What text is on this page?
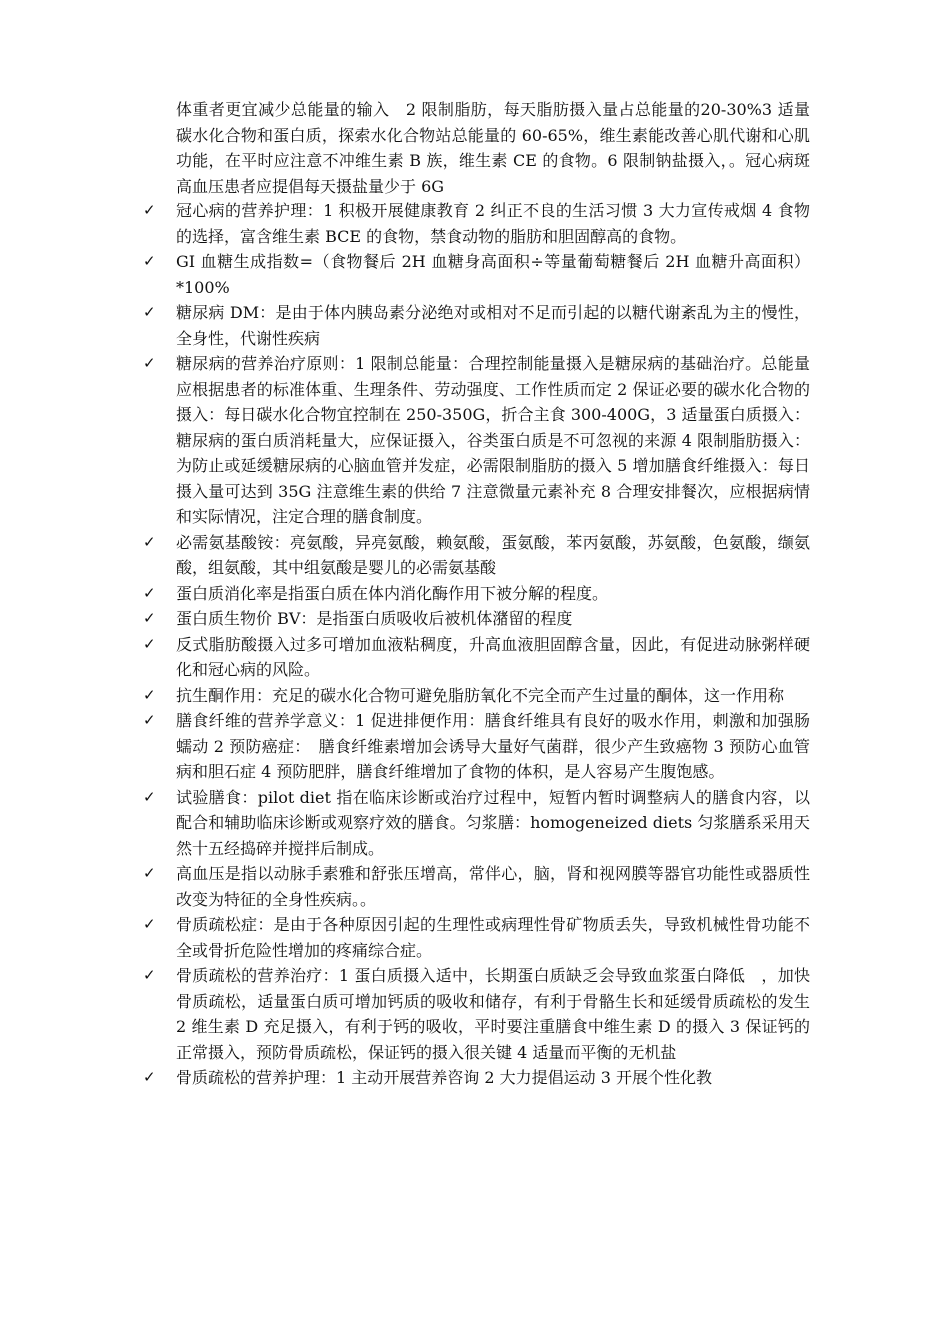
体重者更宜减少总能量的输入　2 限制脂肪，每天脂肪摄入量占总能量的20-30%3 适量碳水化合物和蛋白质，探索水化合物站总能量的 60-65%，维生素能改善心肌代谢和心肌功能，在平时应注意不冲维生素 B 族，维生素 CE 的食物。6 限制钠盐摄入，。冠心病斑高血压患者应提倡每天摄盐量少于 6G

✓	冠心病的营养护理：1 积极开展健康教育 2 纠正不良的生活习惯 3 大力宣传戒烟 4 食物的选择，富含维生素 BCE 的食物，禁食动物的脂肪和胆固醇高的食物。
✓	GI 血糖生成指数=（食物餐后 2H 血糖身高面积÷等量葡萄糖餐后 2H 血糖升高面积）*100%
✓	糖尿病 DM：是由于体内胰岛素分泌绝对或相对不足而引起的以糖代谢紊乱为主的慢性，全身性，代谢性疾病
✓	糖尿病的营养治疗原则：1 限制总能量：合理控制能量摄入是糖尿病的基础治疗。总能量应根据患者的标准体重、生理条件、劳动强度、工作性质而定 2 保证必要的碳水化合物的摄入：每日碳水化合物宜控制在 250-350G，折合主食 300-400G，3 适量蛋白质摄入：糖尿病的蛋白质消耗量大，应保证摄入，谷类蛋白质是不可忽视的来源 4 限制脂肪摄入：为防止或延缓糖尿病的心脑血管并发症，必需限制脂肪的摄入 5 增加膳食纤维摄入：每日摄入量可达到 35G 注意维生素的供给 7 注意微量元素补充 8 合理安排餐次，应根据病情和实际情况，注定合理的膳食制度。
✓	必需氨基酸铵：亮氨酸，异亮氨酸，赖氨酸，蛋氨酸，苯丙氨酸，苏氨酸，色氨酸，缬氨酸，组氨酸，其中组氨酸是婴儿的必需氨基酸
✓	蛋白质消化率是指蛋白质在体内消化酶作用下被分解的程度。
✓	蛋白质生物价 BV：是指蛋白质吸收后被机体潴留的程度
✓	反式脂肪酸摄入过多可增加血液粘稠度，升高血液胆固醇含量，因此，有促进动脉粥样硬化和冠心病的风险。
✓	抗生酮作用：充足的碳水化合物可避免脂肪氧化不完全而产生过量的酮体，这一作用称
✓	膳食纤维的营养学意义：1 促进排便作用：膳食纤维具有良好的吸水作用，刺激和加强肠蠕动 2 预防癌症：　膳食纤维素增加会诱导大量好气菌群，很少产生致癌物 3 预防心血管病和胆石症 4 预防肥胖，膳食纤维增加了食物的体积，是人容易产生腹饱感。
✓	试验膳食：pilot diet 指在临床诊断或治疗过程中，短暂内暂时调整病人的膳食内容，以配合和辅助临床诊断或观察疗效的膳食。匀浆膳：homogeneized diets 匀浆膳系采用天然十五经捣碎并搅拌后制成。
✓	高血压是指以动脉手素雅和舒张压增高，常伴心，脑，肾和视网膜等器官功能性或器质性改变为特征的全身性疾病。。
✓	骨质疏松症：是由于各种原因引起的生理性或病理性骨矿物质丢失，导致机械性骨功能不全或骨折危险性增加的疼痛综合症。
✓	骨质疏松的营养治疗：1 蛋白质摄入适中，长期蛋白质缺乏会导致血浆蛋白降低　，加快骨质疏松，适量蛋白质可增加钙质的吸收和储存，有利于骨骼生长和延缓骨质疏松的发生 2 维生素 D 充足摄入，有利于钙的吸收，平时要注重膳食中维生素 D 的摄入 3 保证钙的正常摄入，预防骨质疏松，保证钙的摄入很关键 4 适量而平衡的无机盐
✓	骨质疏松的营养护理：1 主动开展营养咨询 2 大力提倡运动 3 开展个性化教
